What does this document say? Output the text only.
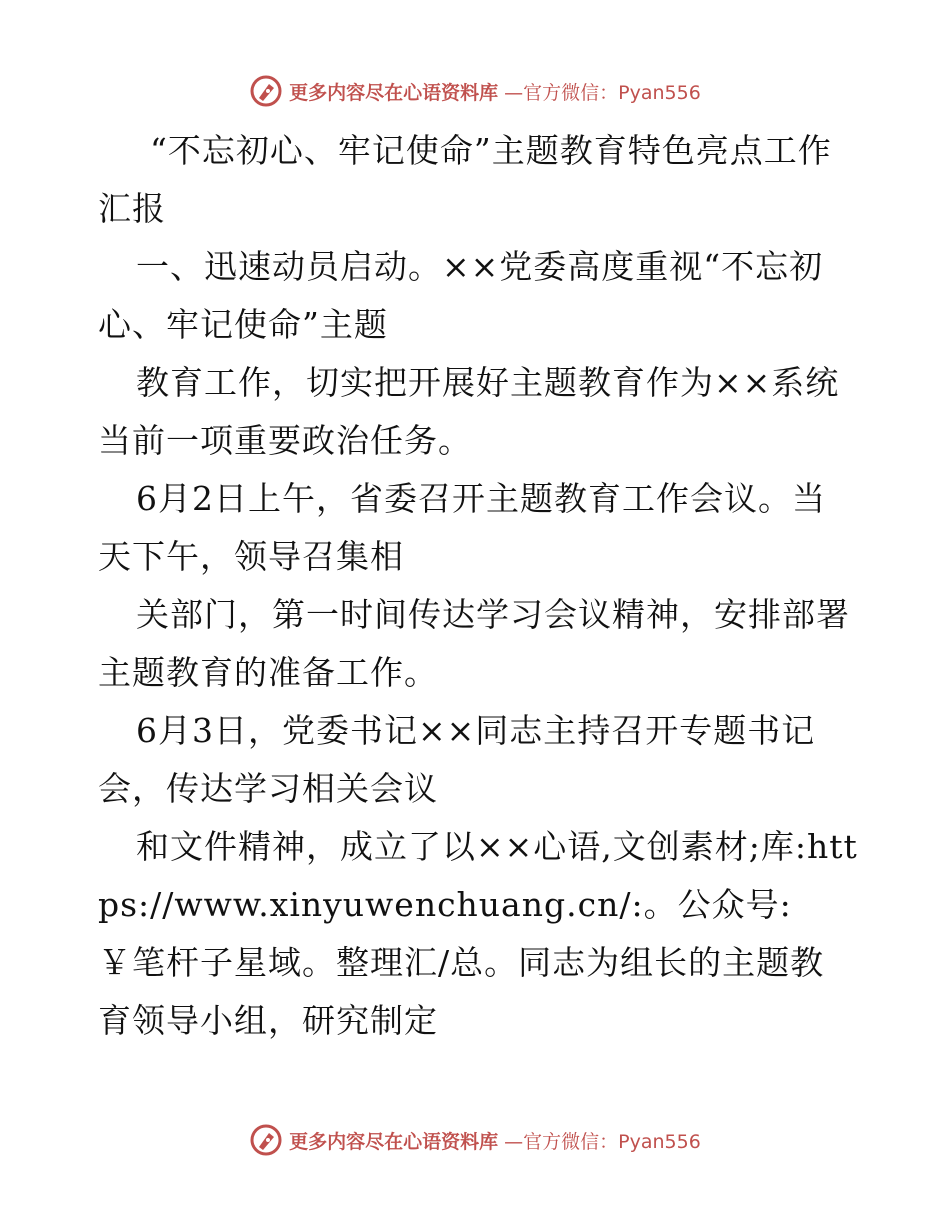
更多内容尽在心语资料库 —官方微信：Pyan556

“不忘初心、牢记使命”主题教育特色亮点工作汇报

一、迅速动员启动。××党委高度重视“不忘初心、牢记使命”主题

教育工作，切实把开展好主题教育作为××系统当前一项重要政治任务。

6月2日上午，省委召开主题教育工作会议。当天下午，领导召集相

关部门，第一时间传达学习会议精神，安排部署主题教育的准备工作。

6月3日，党委书记××同志主持召开专题书记会，传达学习相关会议

和文件精神，成立了以××心语,文创素材;库:https://www.xinyuwenchuang.cn/:。公众号:￥笔杆子星域。整理汇/总。同志为组长的主题教育领导小组，研究制定

更多内容尽在心语资料库 —官方微信：Pyan556
